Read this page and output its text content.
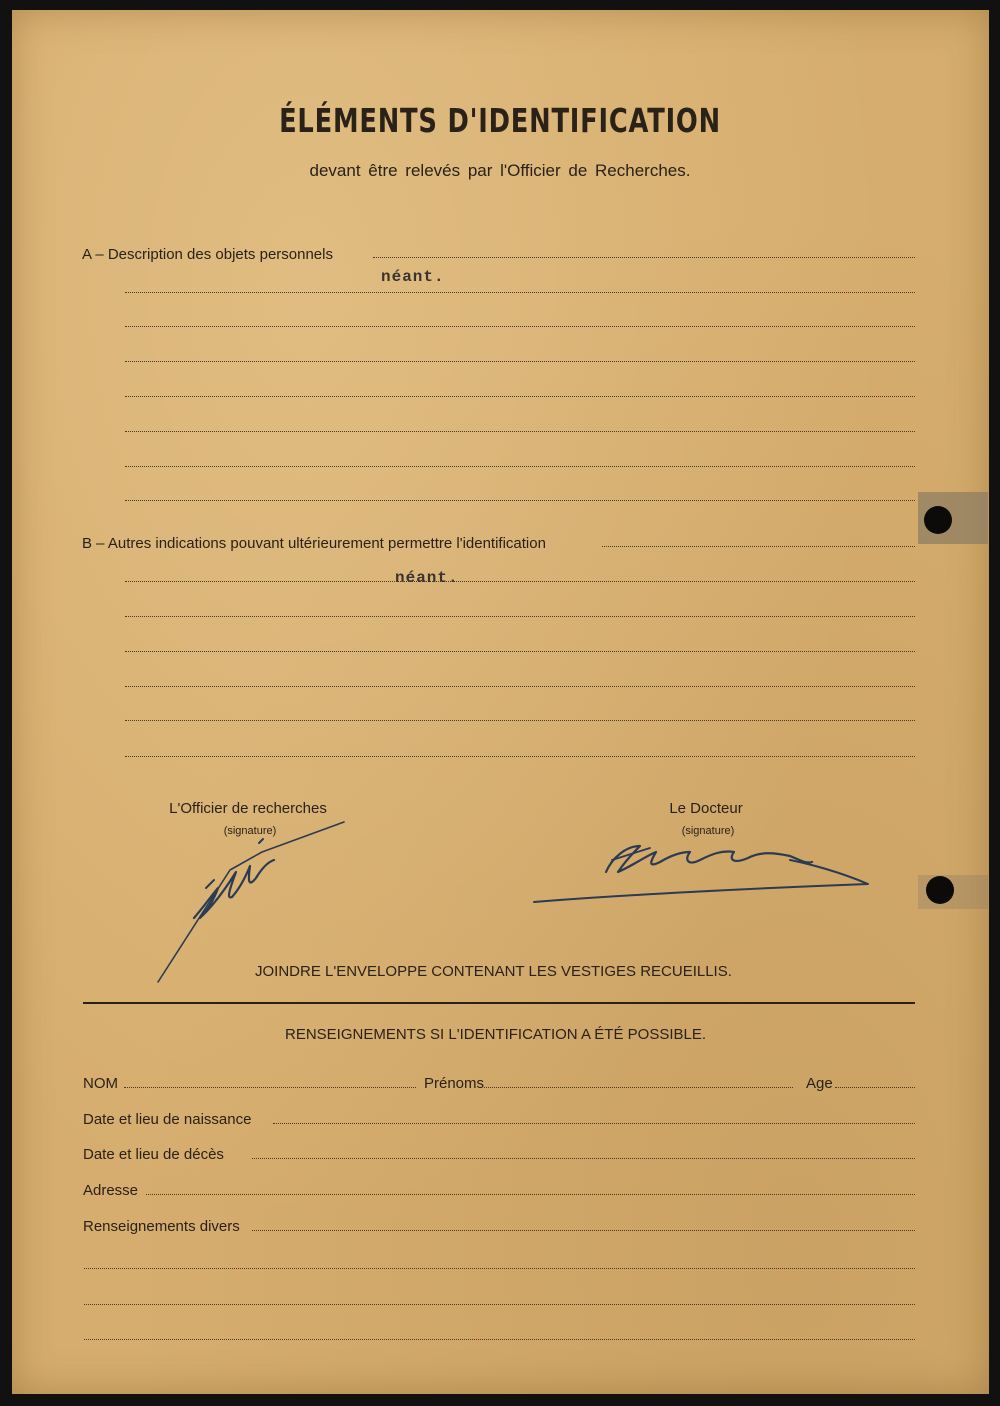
ÉLÉMENTS D'IDENTIFICATION
devant être relevés par l'Officier de Recherches.
A – Description des objets personnels
néant.
B – Autres indications pouvant ultérieurement permettre l'identification
néant.
L'Officier de recherches
(signature)
Le Docteur
(signature)
JOINDRE L'ENVELOPPE CONTENANT LES VESTIGES RECUEILLIS.
RENSEIGNEMENTS SI L'IDENTIFICATION A ÉTÉ POSSIBLE.
NOM	Prénoms	Age
Date et lieu de naissance
Date et lieu de décès
Adresse
Renseignements divers
